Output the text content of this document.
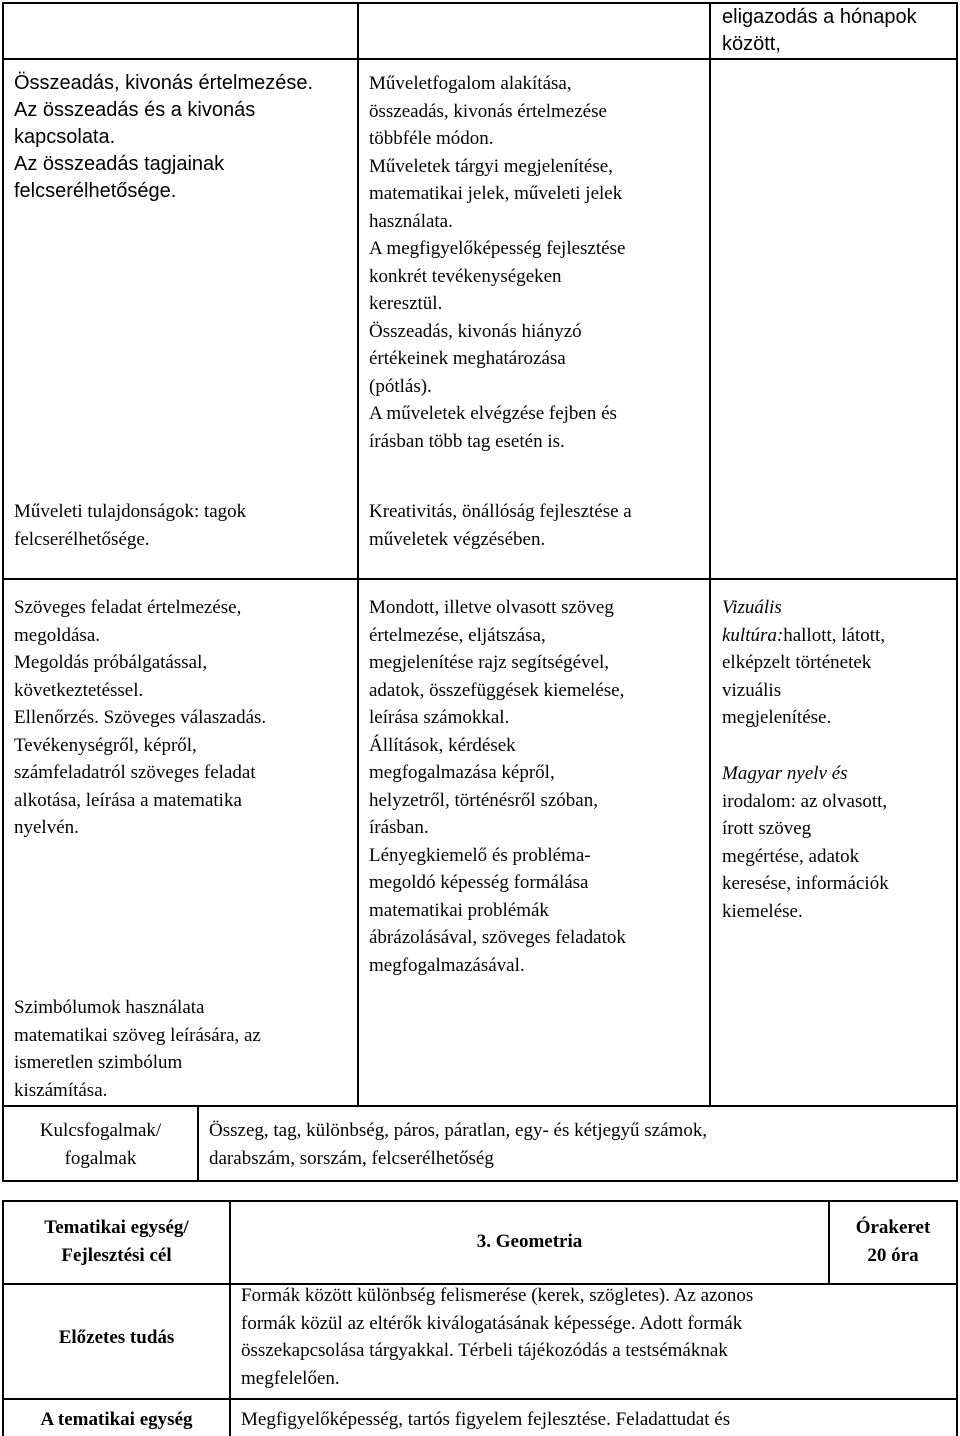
eligazodás a hónapok
között,

Összeadás, kivonás értelmezése.
Az összeadás és a kivonás
kapcsolata.
Az összeadás tagjainak
felcserélhetősége.

Műveletfogalom alakítása,
összeadás, kivonás értelmezése
többféle módon.
Műveletek tárgyi megjelenítése,
matematikai jelek, műveleti jelek
használata.
A megfigyelőképesség fejlesztése
konkrét tevékenységeken
keresztül.
Összeadás, kivonás hiányzó
értékeinek meghatározása
(pótlás).
A műveletek elvégzése fejben és
írásban több tag esetén is.

Műveleti tulajdonságok: tagok
felcserélhetősége.

Kreativitás, önállóság fejlesztése a
műveletek végzésében.

Szöveges feladat értelmezése,
megoldása.
Megoldás próbálgatással,
következtetéssel.
Ellenőrzés. Szöveges válaszadás.
Tevékenységről, képről,
számfeladatról szöveges feladat
alkotása, leírása a matematika
nyelvén.

Szimbólumok használata
matematikai szöveg leírására, az
ismeretlen szimbólum
kiszámítása.

Mondott, illetve olvasott szöveg
értelmezése, eljátszása,
megjelenítése rajz segítségével,
adatok, összefüggések kiemelése,
leírása számokkal.
Állítások, kérdések
megfogalmazása képről,
helyzetről, történésről szóban,
írásban.
Lényegkiemelő és probléma-
megoldó képesség formálása
matematikai problémák
ábrázolásával, szöveges feladatok
megfogalmazásával.

Vizuális
kultúra:hallott, látott,
elképzelt történetek
vizuális
megjelenítése.

Magyar nyelv és
irodalom: az olvasott,
írott szöveg
megértése, adatok
keresése, információk
kiemelése.

Kulcsfogalmak/
fogalmak

Összeg, tag, különbség, páros, páratlan, egy- és kétjegyű számok,
darabszám, sorszám, felcserélhetőség

Tematikai egység/
Fejlesztési cél

3. Geometria

Órakeret
20 óra

Előzetes tudás

Formák között különbség felismerése (kerek, szögletes). Az azonos
formák közül az eltérők kiválogatásának képessége. Adott formák
összekapcsolása tárgyakkal. Térbeli tájékozódás a testsémáknak
megfelelően.

A tematikai egység	Megfigyelőképesség, tartós figyelem fejlesztése. Feladattudat és
